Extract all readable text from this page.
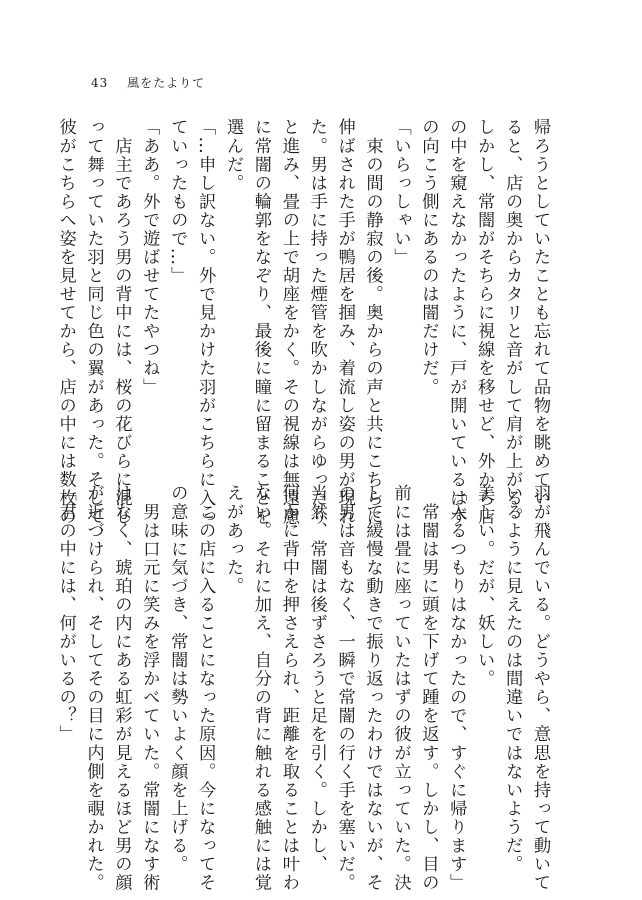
43 風をたよりて
帰ろうとしていたことも忘れて品物を眺めてい
ると、店の奥からカタリと音がして肩が上がる。
しかし、常闇がそちらに視線を移せど、外から店
の中を窺えなかったように、戸が開いているはず
の向こう側にあるのは闇だけだ。
「いらっしゃい」
　束の間の静寂の後。奥からの声と共にこちらに
伸ばされた手が鴨居を掴み、着流し姿の男が現れ
た。男は手に持った煙管を吹かしながらゆったり
と進み、畳の上で胡座をかく。その視線は無遠慮
に常闇の輪郭をなぞり、最後に瞳に留まることを
選んだ。
「…申し訳ない。外で見かけた羽がこちらに入っ
ていったもので…」
「ああ。外で遊ばせてたやつね」
　店主であろう男の背中には、桜の花びらに混じ
って舞っていた羽と同じ色の翼があった。そして、
彼がこちらへ姿を見せてから、店の中には数枚の
羽が飛んでいる。どうやら、意思を持って動いて
いるように見えたのは間違いではないようだ。
美しい。だが、妖しい。
「入るつもりはなかったので、すぐに帰ります」
　常闇は男に頭を下げて踵を返す。しかし、目の
前には畳に座っていたはずの彼が立っていた。決
して緩慢な動きで振り返ったわけではないが、そ
の男は音もなく、一瞬で常闇の行く手を塞いだ。
当然、常闇は後ずさろうと足を引く。しかし、
何かに背中を押さえられ、距離を取ることは叶わ
ない。それに加え、自分の背に触れる感触には覚
えがあった。
　この店に入ることになった原因。今になってそ
の意味に気づき、常闇は勢いよく顔を上げる。
　男は口元に笑みを浮かべていた。常闇になす術
はなく、琥珀の内にある虹彩が見えるほど男の顔
が近づけられ、そしてその目に内側を覗かれた。
「君の中には、何がいるの？」
